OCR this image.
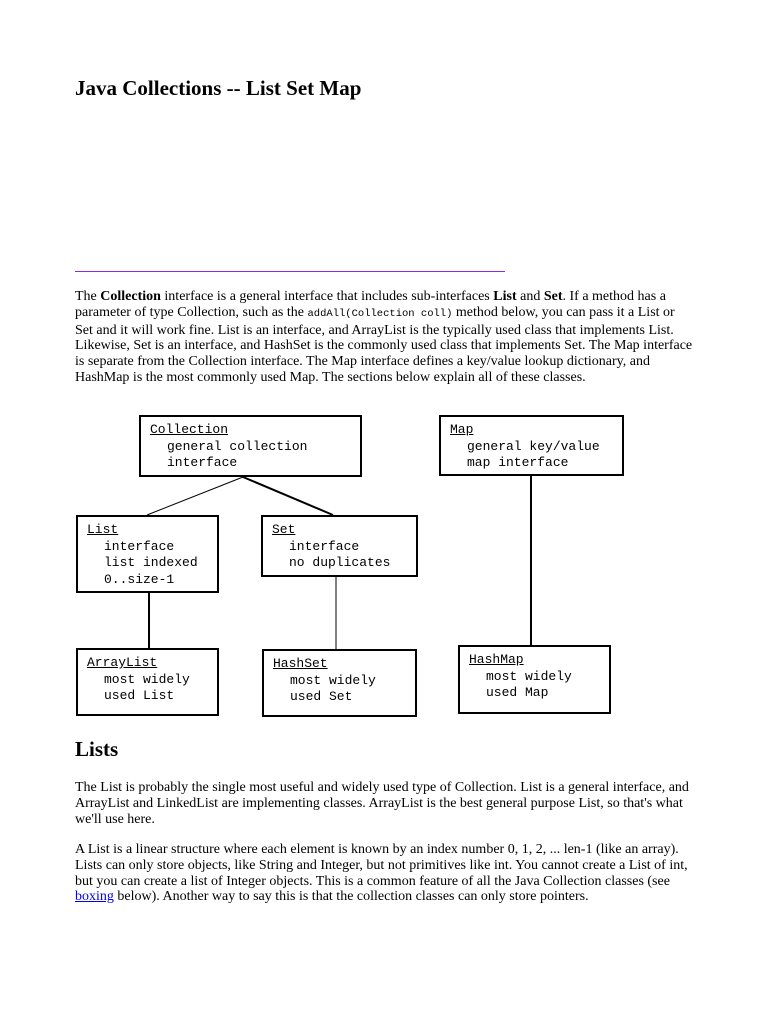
Java Collections -- List Set Map

The Collection interface is a general interface that includes sub-interfaces List and Set. If a method has a parameter of type Collection, such as the addAll(Collection coll) method below, you can pass it a List or Set and it will work fine. List is an interface, and ArrayList is the typically used class that implements List. Likewise, Set is an interface, and HashSet is the commonly used class that implements Set. The Map interface is separate from the Collection interface. The Map interface defines a key/value lookup dictionary, and HashMap is the most commonly used Map. The sections below explain all of these classes.

Collection
general collection
interface
Map
general key/value
map interface
List
interface
list indexed
0..size-1
Set
interface
no duplicates
ArrayList
most widely
used List
HashSet
most widely
used Set
HashMap
most widely
used Map
Lists

The List is probably the single most useful and widely used type of Collection. List is a general interface, and ArrayList and LinkedList are implementing classes. ArrayList is the best general purpose List, so that's what we'll use here.

A List is a linear structure where each element is known by an index number 0, 1, 2, ... len-1 (like an array). Lists can only store objects, like String and Integer, but not primitives like int. You cannot create a List of int, but you can create a list of Integer objects. This is a common feature of all the Java Collection classes (see boxing below). Another way to say this is that the collection classes can only store pointers.
